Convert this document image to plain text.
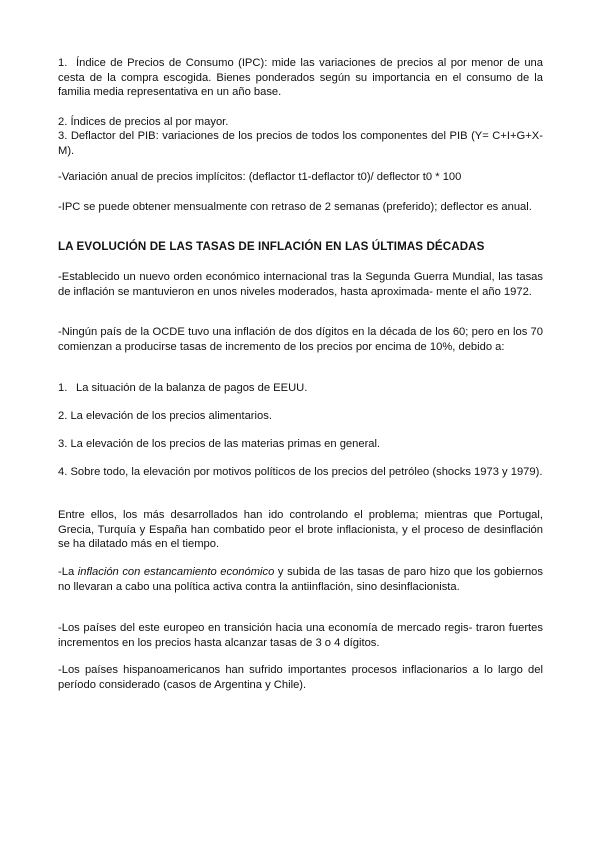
1. Índice de Precios de Consumo (IPC): mide las variaciones de precios al por menor de una cesta de la compra escogida. Bienes ponderados según su importancia en el consumo de la familia media representativa en un año base.

2. Índices de precios al por mayor.

3. Deflactor del PIB: variaciones de los precios de todos los componentes del PIB (Y= C+I+G+X-M).

-Variación anual de precios implícitos: (deflactor t1-deflactor t0)/ deflector t0 * 100

-IPC se puede obtener mensualmente con retraso de 2 semanas (preferido); deflector es anual.

LA EVOLUCIÓN DE LAS TASAS DE INFLACIÓN EN LAS ÚLTIMAS DÉCADAS

-Establecido un nuevo orden económico internacional tras la Segunda Guerra Mundial, las tasas de inflación se mantuvieron en unos niveles moderados, hasta aproximada- mente el año 1972.

-Ningún país de la OCDE tuvo una inflación de dos dígitos en la década de los 60; pero en los 70 comienzan a producirse tasas de incremento de los precios por encima de 10%, debido a:

1. La situación de la balanza de pagos de EEUU.

2. La elevación de los precios alimentarios.

3. La elevación de los precios de las materias primas en general.

4. Sobre todo, la elevación por motivos políticos de los precios del petróleo (shocks 1973 y 1979).

Entre ellos, los más desarrollados han ido controlando el problema; mientras que Portugal, Grecia, Turquía y España han combatido peor el brote inflacionista, y el proceso de desinflación se ha dilatado más en el tiempo.

-La inflación con estancamiento económico y subida de las tasas de paro hizo que los gobiernos no llevaran a cabo una política activa contra la antiinflación, sino desinflacionista.

-Los países del este europeo en transición hacia una economía de mercado regis- traron fuertes incrementos en los precios hasta alcanzar tasas de 3 o 4 dígitos.

-Los países hispanoamericanos han sufrido importantes procesos inflacionarios a lo largo del período considerado (casos de Argentina y Chile).
